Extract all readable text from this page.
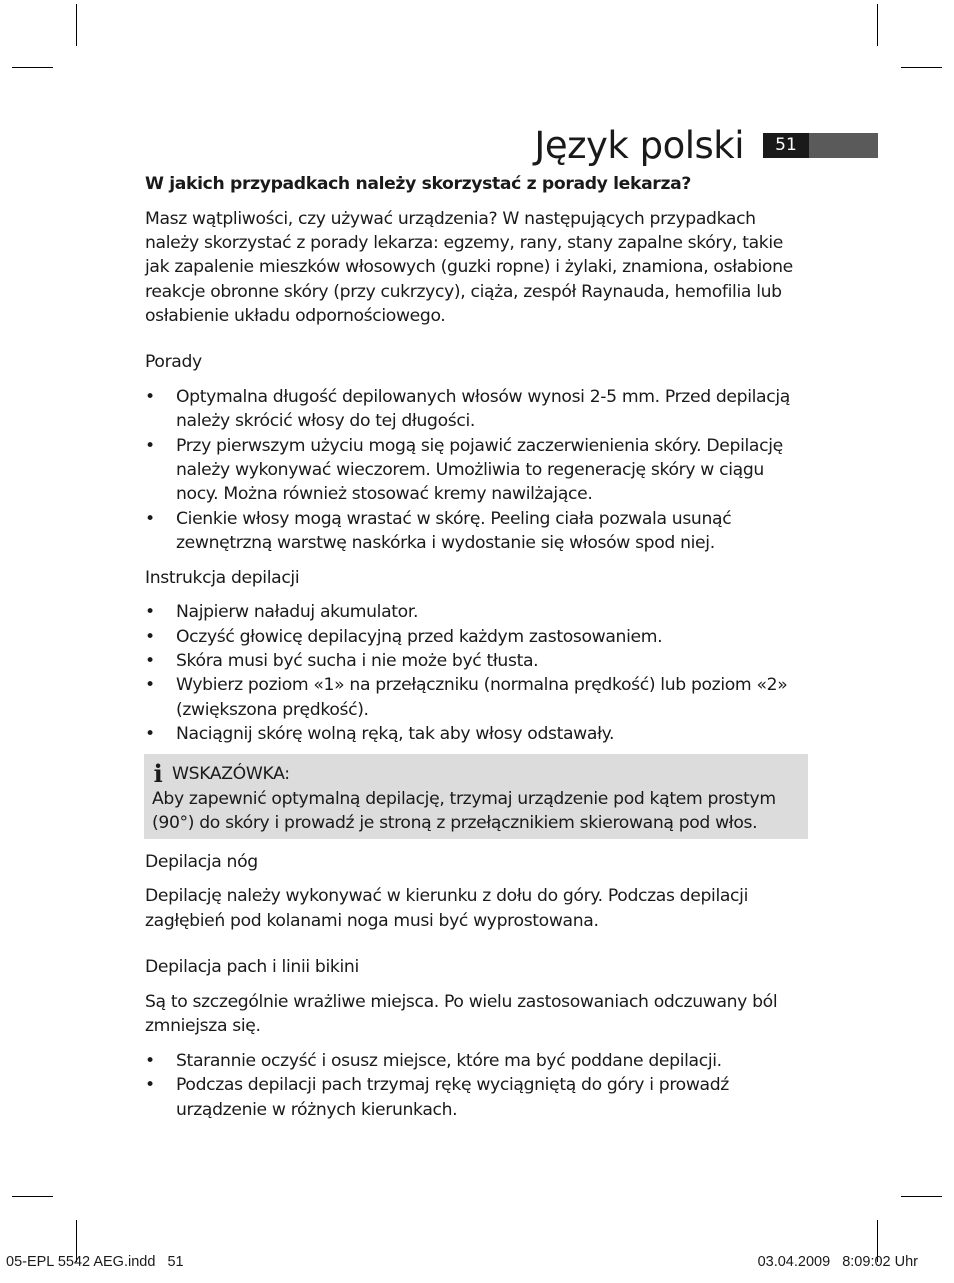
Język polski	51
W jakich przypadkach należy skorzystać z porady lekarza?

Masz wątpliwości, czy używać urządzenia? W następujących przypadkach
należy skorzystać z porady lekarza: egzemy, rany, stany zapalne skóry, takie
jak zapalenie mieszków włosowych (guzki ropne) i żylaki, znamiona, osłabione
reakcje obronne skóry (przy cukrzycy), ciąża, zespół Raynauda, hemofilia lub
osłabienie układu odpornościowego.

Porady
• Optymalna długość depilowanych włosów wynosi 2-5 mm. Przed depilacją
należy skrócić włosy do tej długości.
• Przy pierwszym użyciu mogą się pojawić zaczerwienienia skóry. Depilację
należy wykonywać wieczorem. Umożliwia to regenerację skóry w ciągu
nocy. Można również stosować kremy nawilżające.
• Cienkie włosy mogą wrastać w skórę. Peeling ciała pozwala usunąć
zewnętrzną warstwę naskórka i wydostanie się włosów spod niej.
Instrukcja depilacji
• Najpierw naładuj akumulator.
• Oczyść głowicę depilacyjną przed każdym zastosowaniem.
• Skóra musi być sucha i nie może być tłusta.
• Wybierz poziom «1» na przełączniku (normalna prędkość) lub poziom «2»
(zwiększona prędkość).
• Naciągnij skórę wolną ręką, tak aby włosy odstawały.
i WSKAZÓWKA:
Aby zapewnić optymalną depilację, trzymaj urządzenie pod kątem prostym
(90°) do skóry i prowadź je stroną z przełącznikiem skierowaną pod włos.
Depilacja nóg

Depilację należy wykonywać w kierunku z dołu do góry. Podczas depilacji
zagłębień pod kolanami noga musi być wyprostowana.

Depilacja pach i linii bikini

Są to szczególnie wrażliwe miejsca. Po wielu zastosowaniach odczuwany ból
zmniejsza się.

• Starannie oczyść i osusz miejsce, które ma być poddane depilacji.
• Podczas depilacji pach trzymaj rękę wyciągniętą do góry i prowadź
urządzenie w różnych kierunkach.
05-EPL 5542 AEG.indd   51	03.04.2009   8:09:02 Uhr
